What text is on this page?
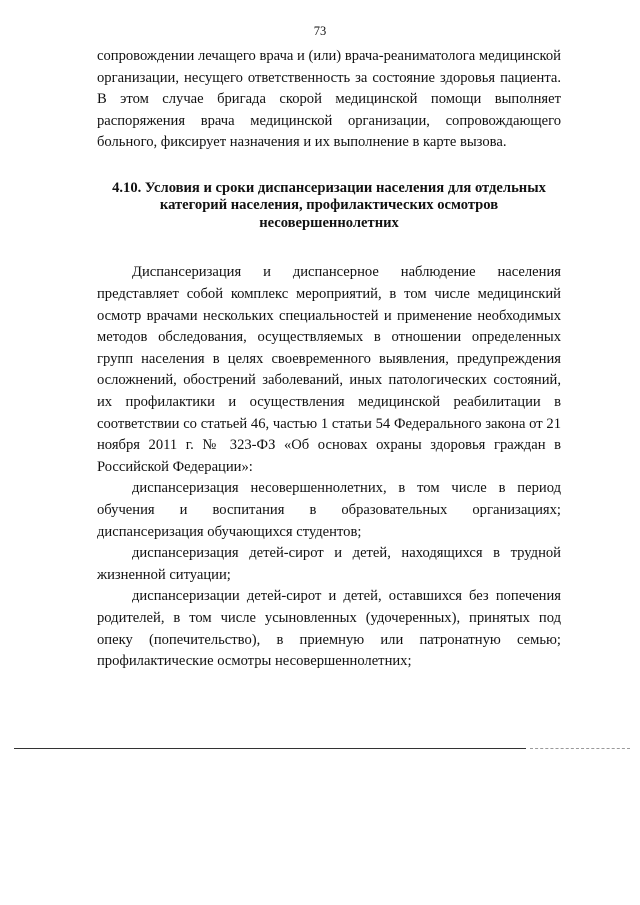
73

сопровождении лечащего врача и (или) врача-реаниматолога медицинской организации, несущего ответственность за состояние здоровья пациента. В этом случае бригада скорой медицинской помощи выполняет распоряжения врача медицинской организации, сопровождающего больного, фиксирует назначения и их выполнение в карте вызова.

4.10. Условия и сроки диспансеризации населения для отдельных категорий населения, профилактических осмотров несовершеннолетних

Диспансеризация и диспансерное наблюдение населения представляет собой комплекс мероприятий, в том числе медицинский осмотр врачами нескольких специальностей и применение необходимых методов обследования, осуществляемых в отношении определенных групп населения в целях своевременного выявления, предупреждения осложнений, обострений заболеваний, иных патологических состояний, их профилактики и осуществления медицинской реабилитации в соответствии со статьей 46, частью 1 статьи 54 Федерального закона от 21 ноября 2011 г. № 323-ФЗ «Об основах охраны здоровья граждан в Российской Федерации»:

диспансеризация несовершеннолетних, в том числе в период обучения и воспитания в образовательных организациях; диспансеризация обучающихся студентов;

диспансеризация детей-сирот и детей, находящихся в трудной жизненной ситуации;

диспансеризации детей-сирот и детей, оставшихся без попечения родителей, в том числе усыновленных (удочеренных), принятых под опеку (попечительство), в приемную или патронатную семью; профилактические осмотры несовершеннолетних;
